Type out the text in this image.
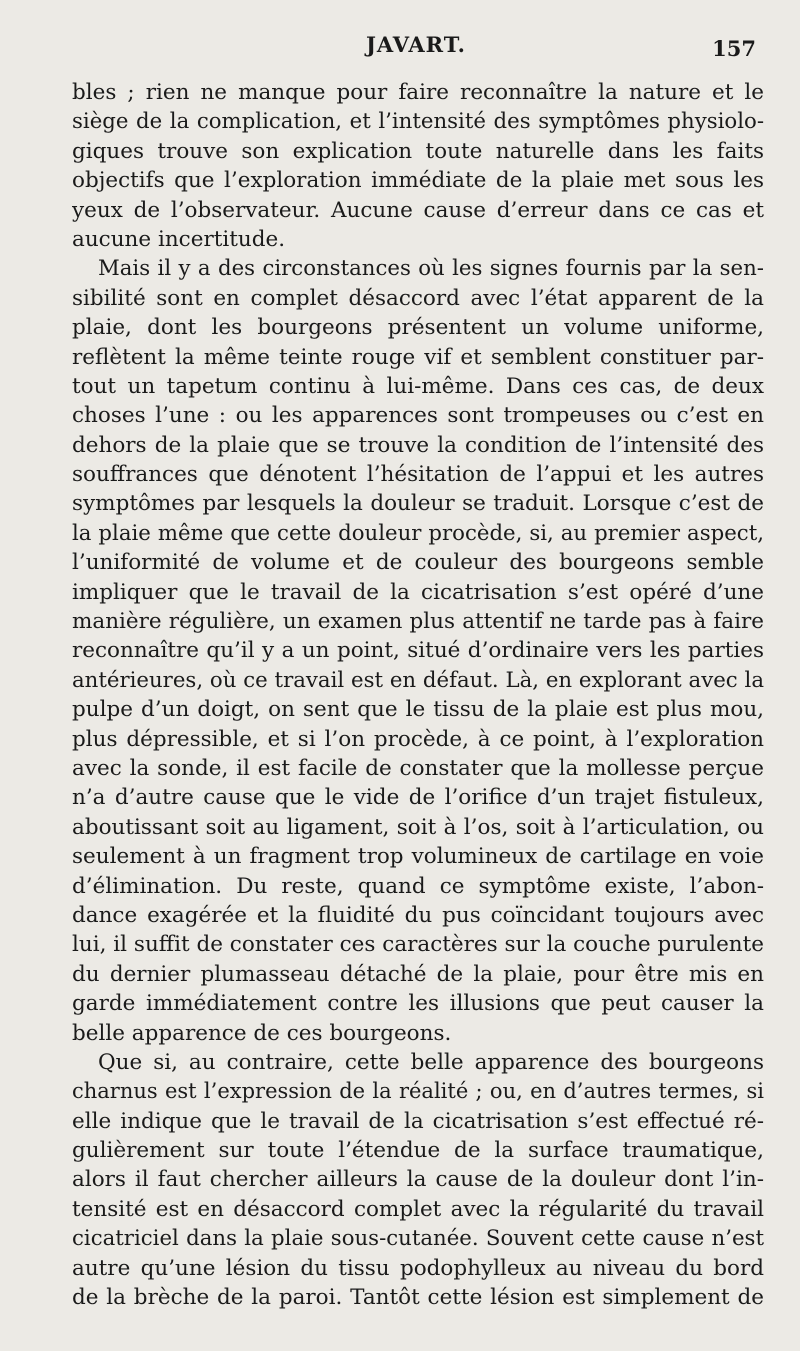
JAVART.	157
bles ; rien ne manque pour faire reconnaître la nature et le
siège de la complication, et l’intensité des symptômes physiolo-
giques trouve son explication toute naturelle dans les faits
objectifs que l’exploration immédiate de la plaie met sous les
yeux de l’observateur. Aucune cause d’erreur dans ce cas et
aucune incertitude.
Mais il y a des circonstances où les signes fournis par la sen-
sibilité sont en complet désaccord avec l’état apparent de la
plaie, dont les bourgeons présentent un volume uniforme,
reflètent la même teinte rouge vif et semblent constituer par-
tout un tapetum continu à lui-même. Dans ces cas, de deux
choses l’une : ou les apparences sont trompeuses ou c’est en
dehors de la plaie que se trouve la condition de l’intensité des
souffrances que dénotent l’hésitation de l’appui et les autres
symptômes par lesquels la douleur se traduit. Lorsque c’est de
la plaie même que cette douleur procède, si, au premier aspect,
l’uniformité de volume et de couleur des bourgeons semble
impliquer que le travail de la cicatrisation s’est opéré d’une
manière régulière, un examen plus attentif ne tarde pas à faire
reconnaître qu’il y a un point, situé d’ordinaire vers les parties
antérieures, où ce travail est en défaut. Là, en explorant avec la
pulpe d’un doigt, on sent que le tissu de la plaie est plus mou,
plus dépressible, et si l’on procède, à ce point, à l’exploration
avec la sonde, il est facile de constater que la mollesse perçue
n’a d’autre cause que le vide de l’orifice d’un trajet fistuleux,
aboutissant soit au ligament, soit à l’os, soit à l’articulation, ou
seulement à un fragment trop volumineux de cartilage en voie
d’élimination. Du reste, quand ce symptôme existe, l’abon-
dance exagérée et la fluidité du pus coïncidant toujours avec
lui, il suffit de constater ces caractères sur la couche purulente
du dernier plumasseau détaché de la plaie, pour être mis en
garde immédiatement contre les illusions que peut causer la
belle apparence de ces bourgeons.
Que si, au contraire, cette belle apparence des bourgeons
charnus est l’expression de la réalité ; ou, en d’autres termes, si
elle indique que le travail de la cicatrisation s’est effectué ré-
gulièrement sur toute l’étendue de la surface traumatique,
alors il faut chercher ailleurs la cause de la douleur dont l’in-
tensité est en désaccord complet avec la régularité du travail
cicatriciel dans la plaie sous-cutanée. Souvent cette cause n’est
autre qu’une lésion du tissu podophylleux au niveau du bord
de la brèche de la paroi. Tantôt cette lésion est simplement de
